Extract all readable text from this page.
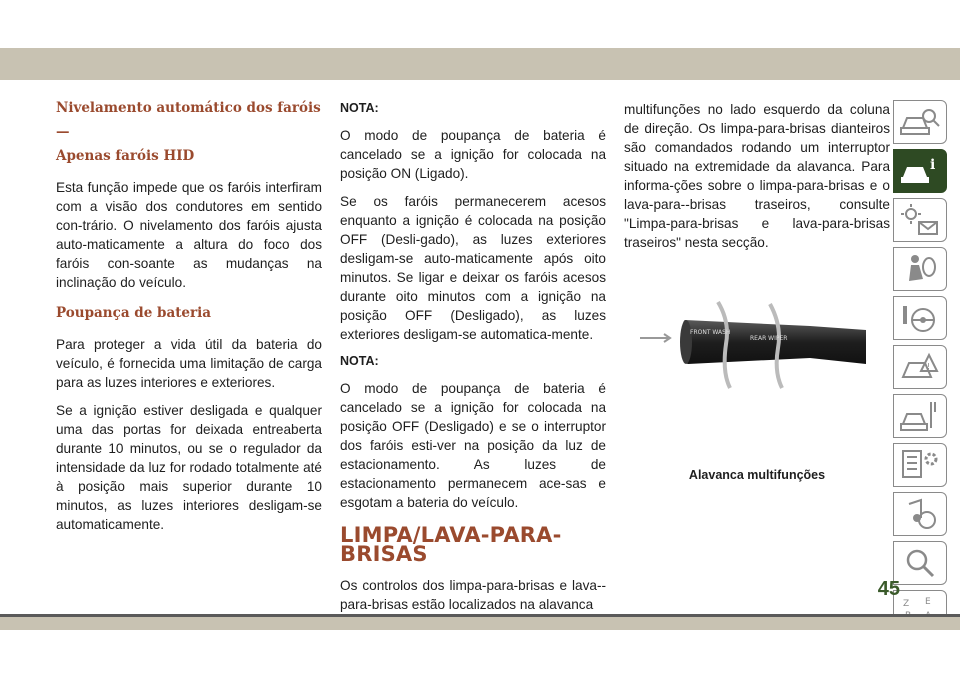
Nivelamento automático dos faróis —
Apenas faróis HID

Esta função impede que os faróis interfiram com a visão dos condutores em sentido con-trário. O nivelamento dos faróis ajusta auto-maticamente a altura do foco dos faróis con-soante as mudanças na inclinação do veículo.

Poupança de bateria

Para proteger a vida útil da bateria do veículo, é fornecida uma limitação de carga para as luzes interiores e exteriores.

Se a ignição estiver desligada e qualquer uma das portas for deixada entreaberta durante 10 minutos, ou se o regulador da intensidade da luz for rodado totalmente até à posição mais superior durante 10 minutos, as luzes interiores desligam-se automaticamente.

NOTA:

O modo de poupança de bateria é cancelado se a ignição for colocada na posição ON (Ligado).

Se os faróis permanecerem acesos enquanto a ignição é colocada na posição OFF (Desli-gado), as luzes exteriores desligam-se auto-maticamente após oito minutos. Se ligar e deixar os faróis acesos durante oito minutos com a ignição na posição OFF (Desligado), as luzes exteriores desligam-se automatica-mente.

NOTA:

O modo de poupança de bateria é cancelado se a ignição for colocada na posição OFF (Desligado) e se o interruptor dos faróis esti-ver na posição da luz de estacionamento. As luzes de estacionamento permanecem ace-sas e esgotam a bateria do veículo.

LIMPA/LAVA-PARA-BRISAS

Os controlos dos limpa-para-brisas e lava--para-brisas estão localizados na alavanca

multifunções no lado esquerdo da coluna de direção. Os limpa-para-brisas dianteiros são comandados rodando um interruptor situado na extremidade da alavanca. Para informa-ções sobre o limpa-para-brisas e o lava-para--brisas traseiros, consulte "Limpa-para-brisas e lava-para-brisas traseiros" nesta secção.

FRONT WASH
REAR WIPER
Alavanca multifunções
i
!
Z E
45
